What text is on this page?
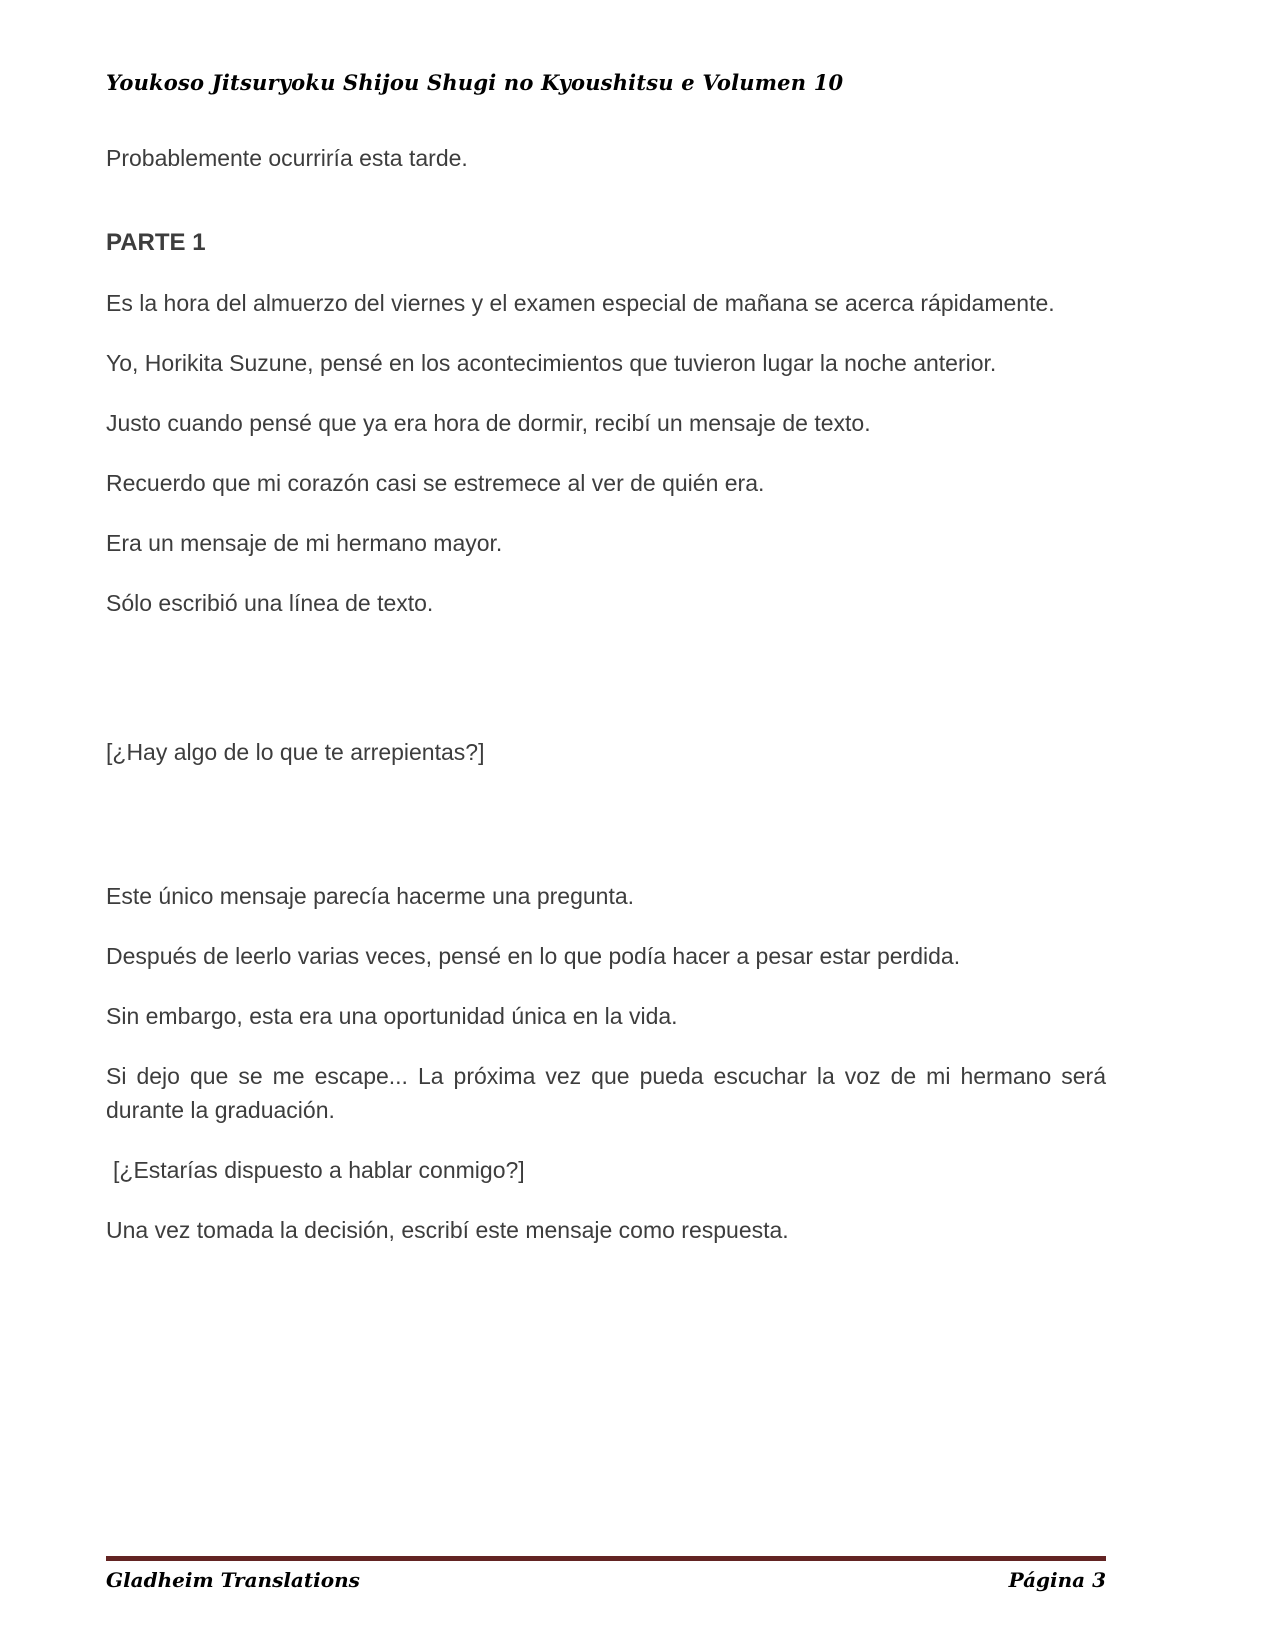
Youkoso Jitsuryoku Shijou Shugi no Kyoushitsu e Volumen 10

Probablemente ocurriría esta tarde.

PARTE 1

Es la hora del almuerzo del viernes y el examen especial de mañana se acerca rápidamente.

Yo, Horikita Suzune, pensé en los acontecimientos que tuvieron lugar la noche anterior.

Justo cuando pensé que ya era hora de dormir, recibí un mensaje de texto.

Recuerdo que mi corazón casi se estremece al ver de quién era.

Era un mensaje de mi hermano mayor.

Sólo escribió una línea de texto.

[¿Hay algo de lo que te arrepientas?]

Este único mensaje parecía hacerme una pregunta.

Después de leerlo varias veces, pensé en lo que podía hacer a pesar estar perdida.

Sin embargo, esta era una oportunidad única en la vida.

Si dejo que se me escape... La próxima vez que pueda escuchar la voz de mi hermano será durante la graduación.

[¿Estarías dispuesto a hablar conmigo?]

Una vez tomada la decisión, escribí este mensaje como respuesta.

Gladheim Translations	Página 3
